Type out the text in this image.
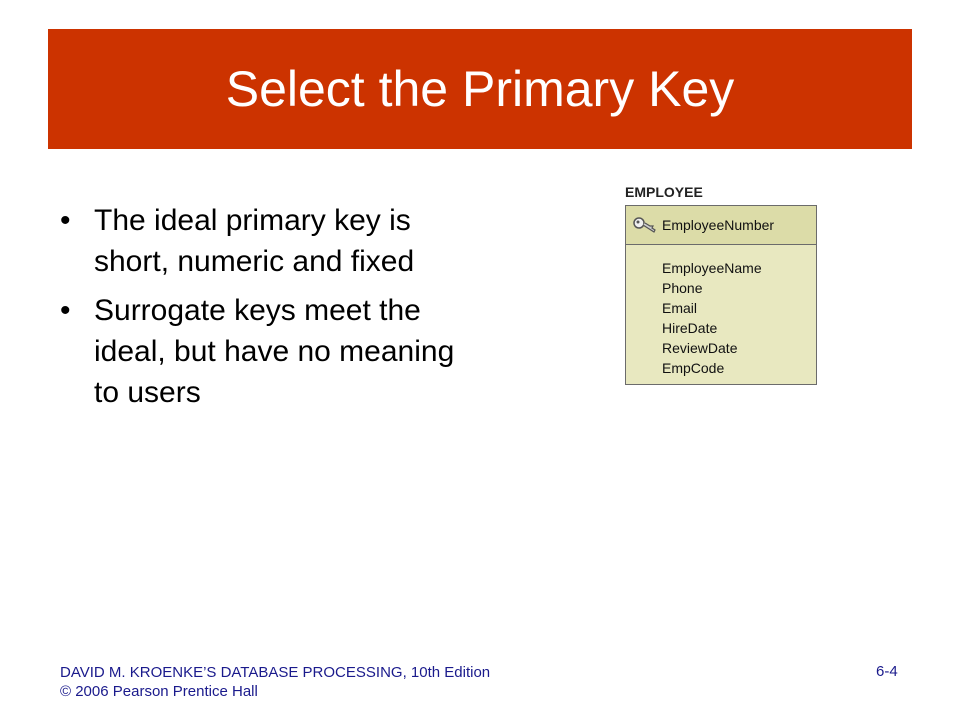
Select the Primary Key
• The ideal primary key is short, numeric and fixed
• Surrogate keys meet the ideal, but have no meaning to users
EMPLOYEE
EmployeeNumber
EmployeeName
Phone
Email
HireDate
ReviewDate
EmpCode
DAVID M. KROENKE’S DATABASE PROCESSING, 10th Edition
© 2006 Pearson Prentice Hall
6-4
